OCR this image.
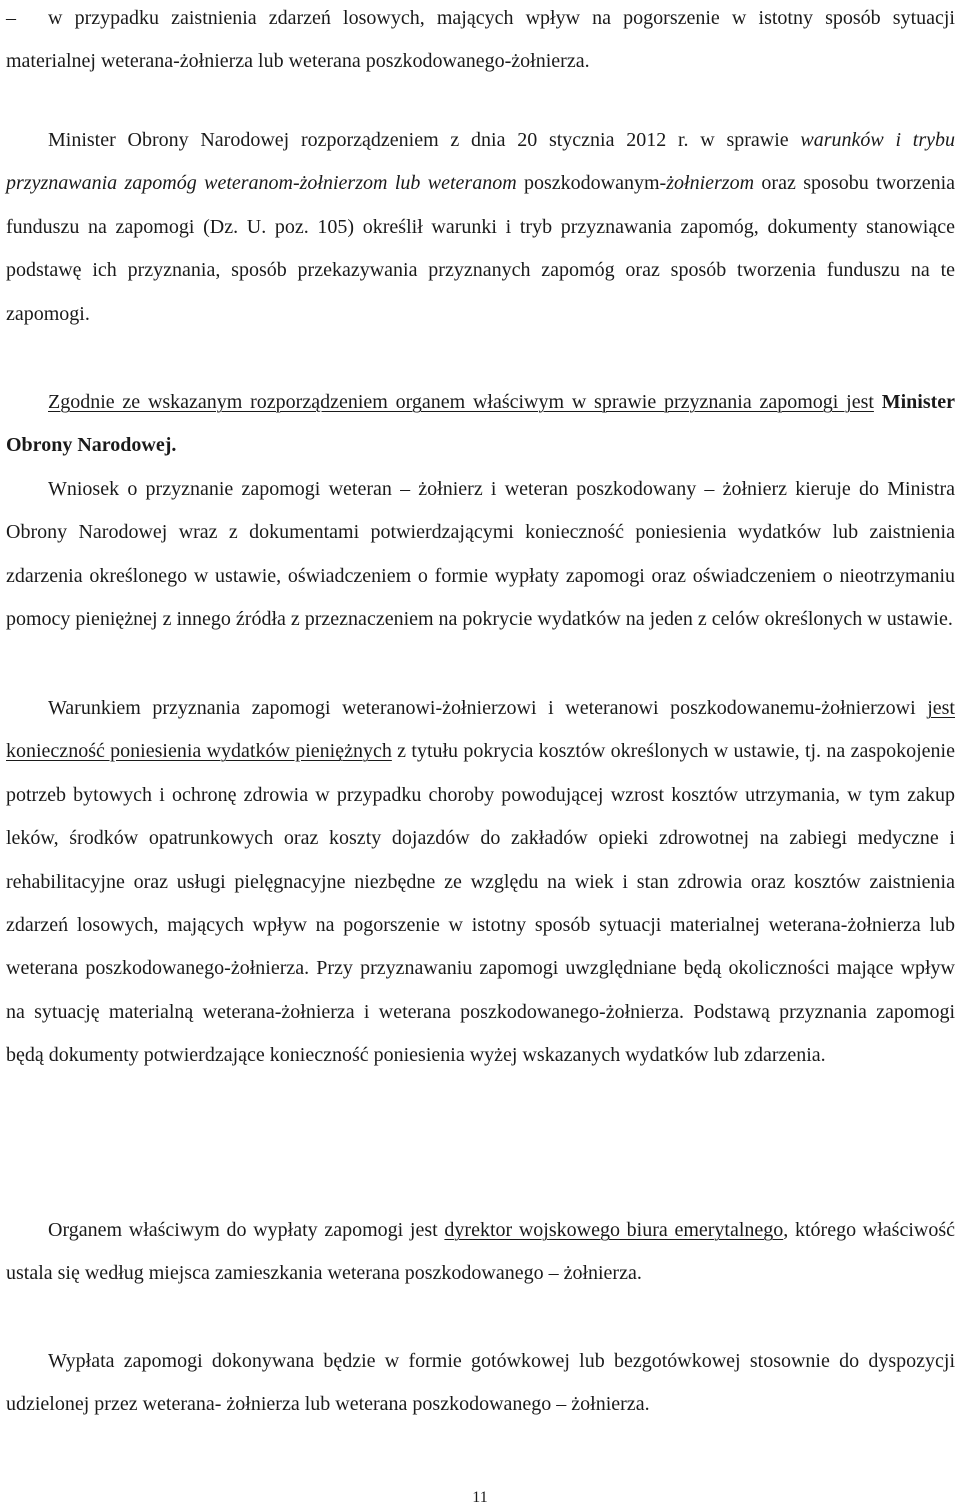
– w przypadku zaistnienia zdarzeń losowych, mających wpływ na pogorszenie w istotny sposób sytuacji materialnej weterana-żołnierza lub weterana poszkodowanego-żołnierza.

Minister Obrony Narodowej rozporządzeniem z dnia 20 stycznia 2012 r. w sprawie warunków i trybu przyznawania zapomóg weteranom-żołnierzom lub weteranom poszkodowanym-żołnierzom oraz sposobu tworzenia funduszu na zapomogi (Dz. U. poz. 105) określił warunki i tryb przyznawania zapomóg, dokumenty stanowiące podstawę ich przyznania, sposób przekazywania przyznanych zapomóg oraz sposób tworzenia funduszu na te zapomogi.

Zgodnie ze wskazanym rozporządzeniem organem właściwym w sprawie przyznania zapomogi jest Minister Obrony Narodowej.

Wniosek o przyznanie zapomogi weteran – żołnierz i weteran poszkodowany – żołnierz kieruje do Ministra Obrony Narodowej wraz z dokumentami potwierdzającymi konieczność poniesienia wydatków lub zaistnienia zdarzenia określonego w ustawie, oświadczeniem o formie wypłaty zapomogi oraz oświadczeniem o nieotrzymaniu pomocy pieniężnej z innego źródła z przeznaczeniem na pokrycie wydatków na jeden z celów określonych w ustawie.

Warunkiem przyznania zapomogi weteranowi-żołnierzowi i weteranowi poszkodowanemu-żołnierzowi jest konieczność poniesienia wydatków pieniężnych z tytułu pokrycia kosztów określonych w ustawie, tj. na zaspokojenie potrzeb bytowych i ochronę zdrowia w przypadku choroby powodującej wzrost kosztów utrzymania, w tym zakup leków, środków opatrunkowych oraz koszty dojazdów do zakładów opieki zdrowotnej na zabiegi medyczne i rehabilitacyjne oraz usługi pielęgnacyjne niezbędne ze względu na wiek i stan zdrowia oraz kosztów zaistnienia zdarzeń losowych, mających wpływ na pogorszenie w istotny sposób sytuacji materialnej weterana-żołnierza lub weterana poszkodowanego-żołnierza. Przy przyznawaniu zapomogi uwzględniane będą okoliczności mające wpływ na sytuację materialną weterana-żołnierza i weterana poszkodowanego-żołnierza. Podstawą przyznania zapomogi będą dokumenty potwierdzające konieczność poniesienia wyżej wskazanych wydatków lub zdarzenia.

Organem właściwym do wypłaty zapomogi jest dyrektor wojskowego biura emerytalnego, którego właściwość ustala się według miejsca zamieszkania weterana poszkodowanego – żołnierza.

Wypłata zapomogi dokonywana będzie w formie gotówkowej lub bezgotówkowej stosownie do dyspozycji udzielonej przez weterana- żołnierza lub weterana poszkodowanego – żołnierza.

11
